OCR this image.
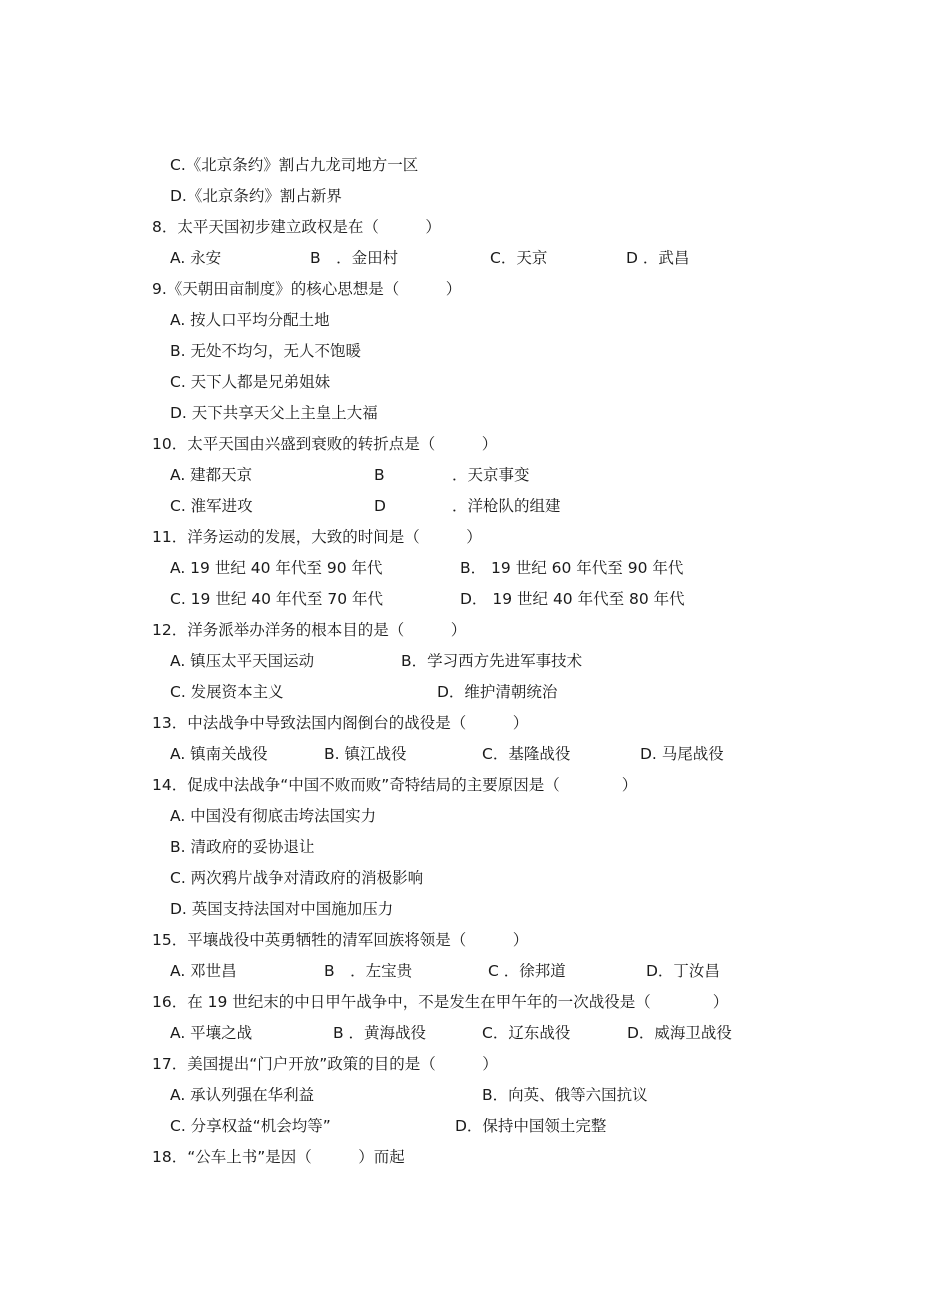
C.《北京条约》割占九龙司地方一区
D.《北京条约》割占新界
8．太平天国初步建立政权是在（　　　）
A. 永安	B　．金田村	C．天京	D ．武昌
9.《天朝田亩制度》的核心思想是（　　　）
A. 按人口平均分配土地
B. 无处不均匀，无人不饱暖
C. 天下人都是兄弟姐妹
D. 天下共享天父上主皇上大福
10．太平天国由兴盛到衰败的转折点是（　　　）
A. 建都天京	B	．天京事变
C. 淮军进攻	D	．洋枪队的组建
11．洋务运动的发展，大致的时间是（　　　）
A. 19 世纪 40 年代至 90 年代	B． 19 世纪 60 年代至 90 年代
C. 19 世纪 40 年代至 70 年代	D． 19 世纪 40 年代至 80 年代
12．洋务派举办洋务的根本目的是（　　　）
A. 镇压太平天国运动	B．学习西方先进军事技术
C. 发展资本主义	D．维护清朝统治
13．中法战争中导致法国内阁倒台的战役是（　　　）
A. 镇南关战役	B. 镇江战役	C．基隆战役	D. 马尾战役
14．促成中法战争“中国不败而败”奇特结局的主要原因是（　　　　）
A. 中国没有彻底击垮法国实力
B. 清政府的妥协退让
C. 两次鸦片战争对清政府的消极影响
D. 英国支持法国对中国施加压力
15．平壤战役中英勇牺牲的清军回族将领是（　　　）
A. 邓世昌	B　．左宝贵	C ．徐邦道	D．丁汝昌
16．在 19 世纪末的中日甲午战争中，不是发生在甲午年的一次战役是（　　　　）
A. 平壤之战	B ．黄海战役	C．辽东战役	D．威海卫战役
17．美国提出“门户开放”政策的目的是（　　　）
A. 承认列强在华利益	B．向英、俄等六国抗议
C. 分享权益“机会均等”	D．保持中国领土完整
18．“公车上书”是因（　　　）而起
